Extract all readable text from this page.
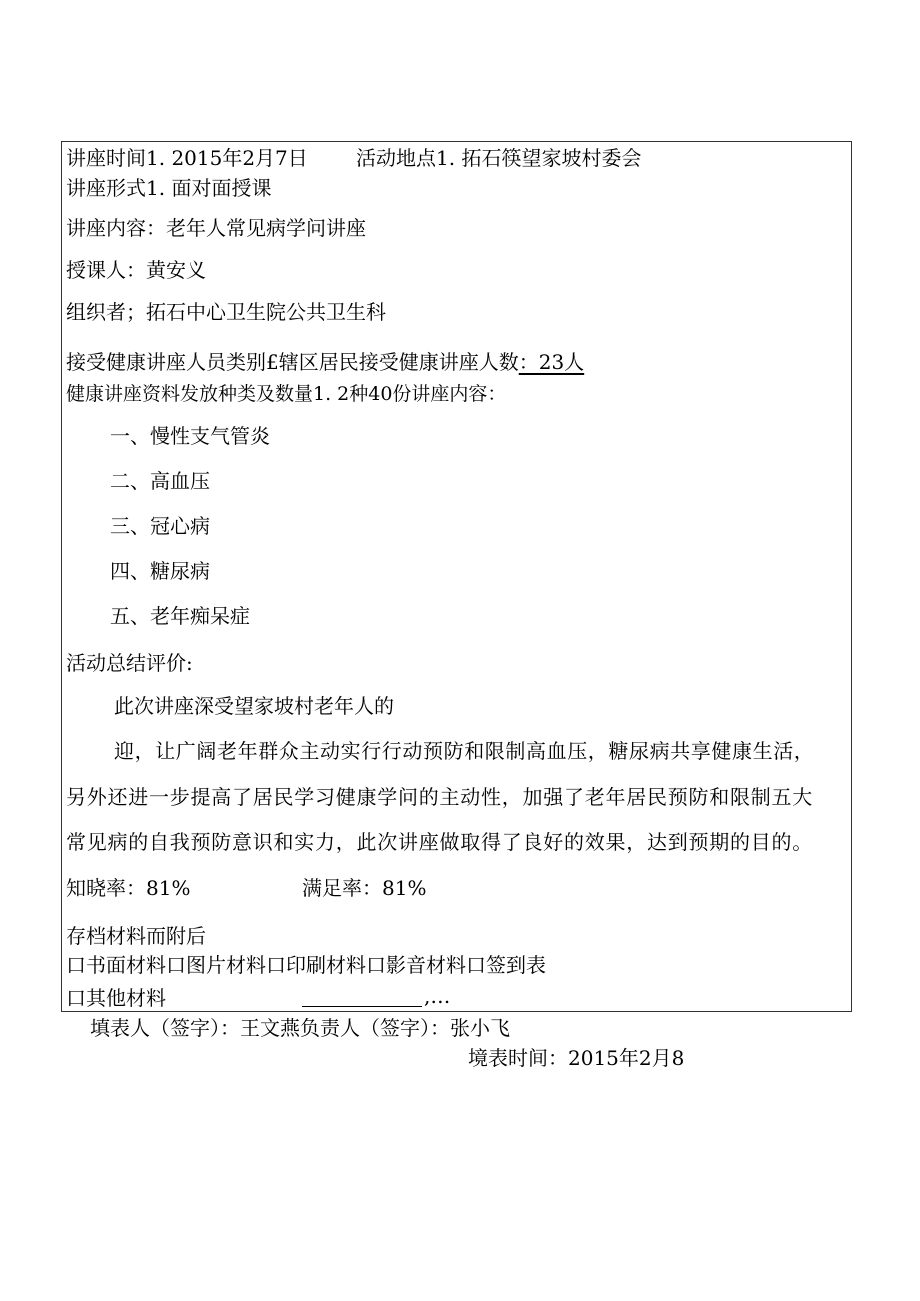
讲座时间1. 2015年2月7日 活动地点1. 拓石筷望家坡村委会
讲座形式1. 面对面授课
讲座内容：老年人常见病学问讲座
授课人：黄安义
组织者；拓石中心卫生院公共卫生科
接受健康讲座人员类别£辖区居民接受健康讲座人数：23人
健康讲座资料发放种类及数量1. 2种40份讲座内容：
一、慢性支气管炎
二、高血压
三、冠心病
四、糖尿病
五、老年痴呆症
活动总结评价:
此次讲座深受望家坡村老年人的
迎，让广阔老年群众主动实行行动预防和限制高血压，糖尿病共享健康生活，
另外还进一步提高了居民学习健康学问的主动性，加强了老年居民预防和限制五大
常见病的自我预防意识和实力，此次讲座做取得了良好的效果，达到预期的目的。
知晓率：81%	满足率：81%
存档材料而附后
口书面材料口图片材料口印刷材料口影音材料口签到表
口其他材料	,…
填表人（签字）：王文燕负责人（签字）：张小飞
境表时间：2015年2月8
